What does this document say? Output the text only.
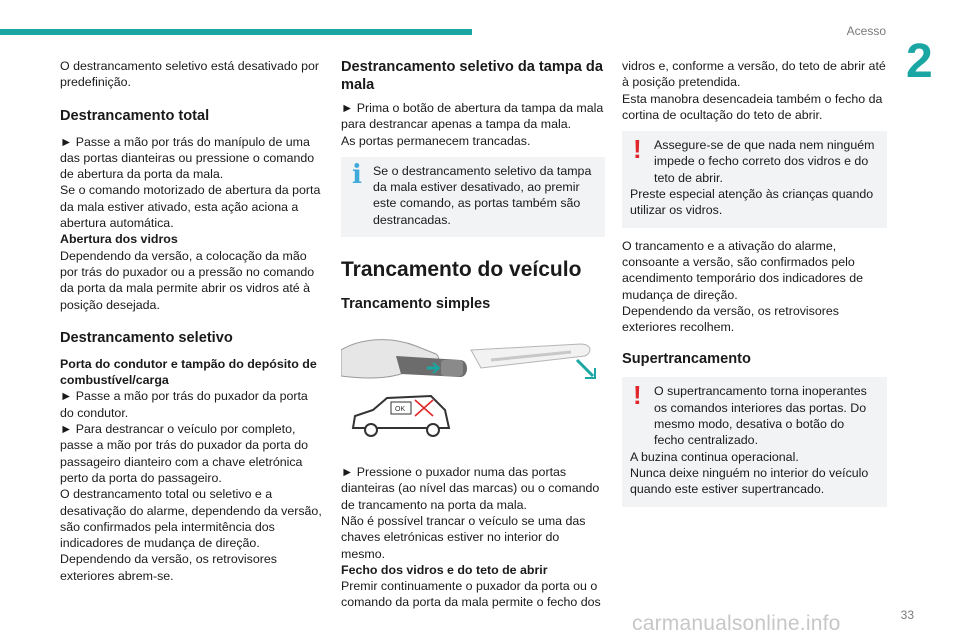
Acesso
2

O destrancamento seletivo está desativado por predefinição.

Destrancamento total

► Passe a mão por trás do manípulo de uma das portas dianteiras ou pressione o comando de abertura da porta da mala.

Se o comando motorizado de abertura da porta da mala estiver ativado, esta ação aciona a abertura automática.

Abertura dos vidros

Dependendo da versão, a colocação da mão por trás do puxador ou a pressão no comando da porta da mala permite abrir os vidros até à posição desejada.

Destrancamento seletivo

Porta do condutor e tampão do depósito de combustível/carga

► Passe a mão por trás do puxador da porta do condutor.

► Para destrancar o veículo por completo, passe a mão por trás do puxador da porta do passageiro dianteiro com a chave eletrónica perto da porta do passageiro.

O destrancamento total ou seletivo e a desativação do alarme, dependendo da versão, são confirmados pela intermitência dos indicadores de mudança de direção.

Dependendo da versão, os retrovisores exteriores abrem-se.

Destrancamento seletivo da tampa da mala

► Prima o botão de abertura da tampa da mala para destrancar apenas a tampa da mala.

As portas permanecem trancadas.

i Se o destrancamento seletivo da tampa da mala estiver desativado, ao premir este comando, as portas também são destrancadas.

Trancamento do veículo
Trancamento simples
OK

► Pressione o puxador numa das portas dianteiras (ao nível das marcas) ou o comando de trancamento na porta da mala.

Não é possível trancar o veículo se uma das chaves eletrónicas estiver no interior do mesmo.

Fecho dos vidros e do teto de abrir

Premir continuamente o puxador da porta ou o comando da porta da mala permite o fecho dos

vidros e, conforme a versão, do teto de abrir até à posição pretendida.

Esta manobra desencadeia também o fecho da cortina de ocultação do teto de abrir.

! Assegure-se de que nada nem ninguém impede o fecho correto dos vidros e do teto de abrir.

Preste especial atenção às crianças quando utilizar os vidros.

O trancamento e a ativação do alarme, consoante a versão, são confirmados pelo acendimento temporário dos indicadores de mudança de direção.

Dependendo da versão, os retrovisores exteriores recolhem.

Supertrancamento
! O supertrancamento torna inoperantes os comandos interiores das portas. Do mesmo modo, desativa o botão do fecho centralizado.

A buzina continua operacional.

Nunca deixe ninguém no interior do veículo quando este estiver supertrancado.

carmanualsonline.info	33
